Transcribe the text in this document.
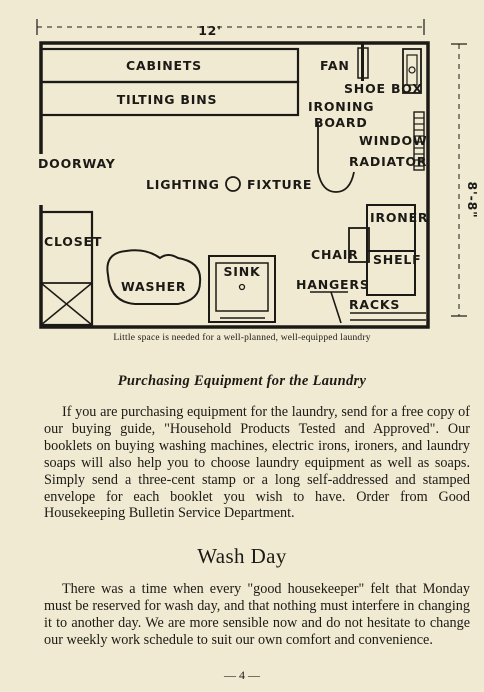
12'
8'-8"
CABINETS
TILTING BINS
FAN
SHOE BOX
IRONING
BOARD
WINDOW
RADIATOR
DOORWAY
LIGHTING FIXTURE
CLOSET
WASHER
SINK
IRONER
CHAIR SHELF
HANGERS
RACKS
Little space is needed for a well-planned, well-equipped laundry
Purchasing Equipment for the Laundry
If you are purchasing equipment for the laundry, send for a free copy of our buying guide, "Household Products Tested and Approved". Our booklets on buying washing machines, electric irons, ironers, and laundry soaps will also help you to choose laundry equipment as well as soaps. Simply send a three-cent stamp or a long self-addressed and stamped envelope for each booklet you wish to have. Order from Good Housekeeping Bulletin Service Department.
Wash Day
There was a time when every "good housekeeper" felt that Monday must be reserved for wash day, and that nothing must interfere in changing it to another day. We are more sensible now and do not hesitate to change our weekly work schedule to suit our own comfort and convenience.
— 4 —
